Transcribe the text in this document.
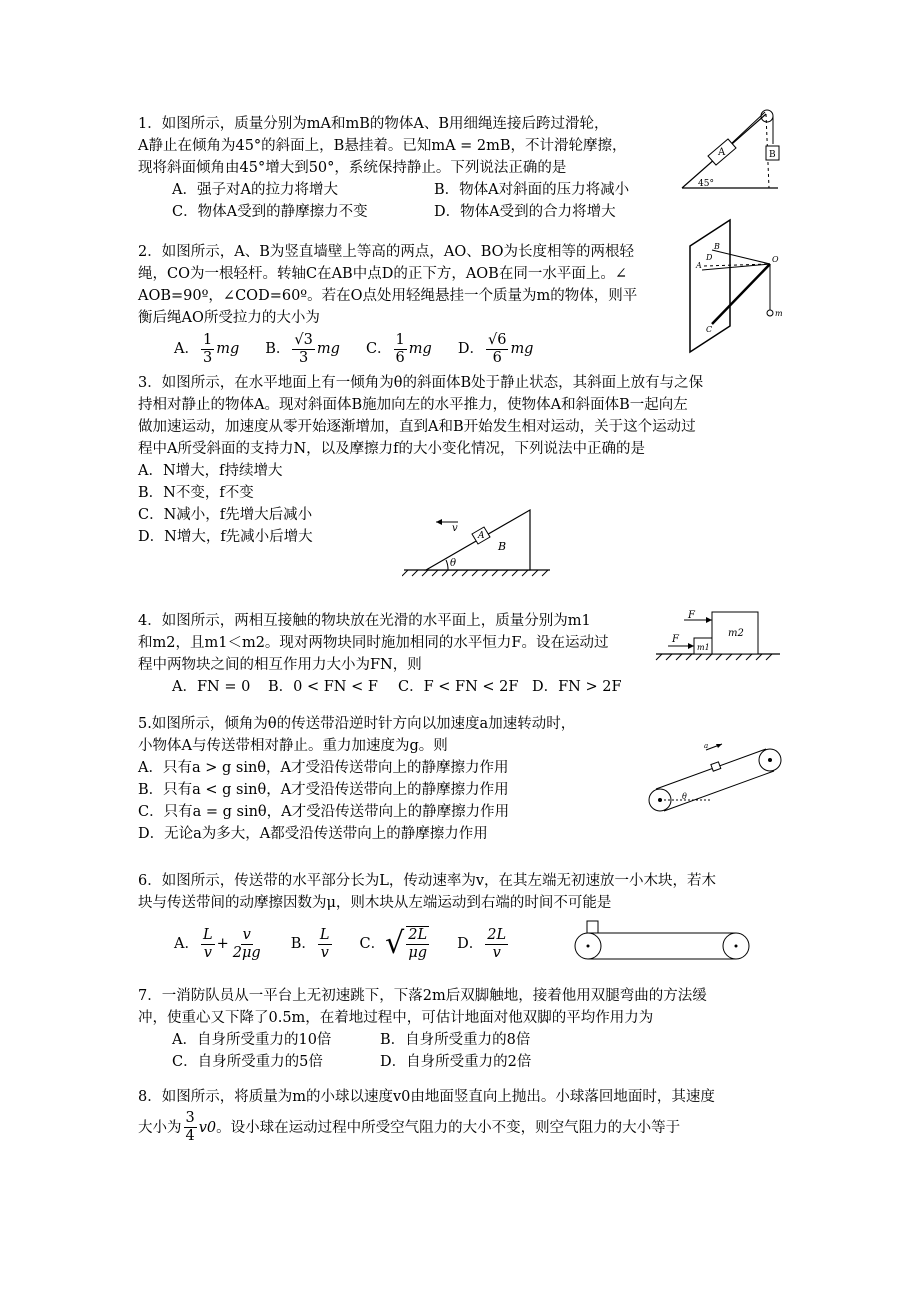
1．如图所示，质量分别为mA和mB的物体A、B用细绳连接后跨过滑轮，

A静止在倾角为45°的斜面上，B悬挂着。已知mA = 2mB，不计滑轮摩擦，

现将斜面倾角由45°增大到50°，系统保持静止。下列说法正确的是

A．强子对A的拉力将增大	B．物体A对斜面的压力将减小
C．物体A受到的静摩擦力不变	D．物体A受到的合力将增大
A	B
45°

2．如图所示，A、B为竖直墙壁上等高的两点，AO、BO为长度相等的两根轻

绳，CO为一根轻杆。转轴C在AB中点D的正下方，AOB在同一水平面上。∠

AOB=90º，∠COD=60º。若在O点处用轻绳悬挂一个质量为m的物体，则平

衡后绳AO所受拉力的大小为

A． $\frac{1}{3}$ mg B． $\frac{√3}{3}$ mg C． $\frac{1}{6}$ mg D． $\frac{√6}{6}$ mg
A
B
D	O
C
m

3．如图所示，在水平地面上有一倾角为θ的斜面体B处于静止状态，其斜面上放有与之保

持相对静止的物体A。现对斜面体B施加向左的水平推力，使物体A和斜面体B一起向左

做加速运动，加速度从零开始逐渐增加，直到A和B开始发生相对运动，关于这个运动过

程中A所受斜面的支持力N，以及摩擦力f的大小变化情况，下列说法中正确的是

A．N增大，f持续增大

B．N不变，f不变

C．N减小，f先增大后减小

D．N增大，f先减小后增大

v
A
B
θ

4．如图所示，两相互接触的物块放在光滑的水平面上，质量分别为m1

和m2，且m1＜m2。现对两物块同时施加相同的水平恒力F。设在运动过

程中两物块之间的相互作用力大小为FN，则

A．FN = 0	B．0 < FN < F	C．F < FN < 2F D．FN > 2F
F
F
m1
m2

5.如图所示，倾角为θ的传送带沿逆时针方向以加速度a加速转动时，

小物体A与传送带相对静止。重力加速度为g。则

A．只有a > g sinθ，A才受沿传送带向上的静摩擦力作用

B．只有a < g sinθ，A才受沿传送带向上的静摩擦力作用

C．只有a = g sinθ，A才受沿传送带向上的静摩擦力作用

D．无论a为多大，A都受沿传送带向上的静摩擦力作用

a
θ

6．如图所示，传送带的水平部分长为L，传动速率为v，在其左端无初速放一小木块，若木

块与传送带间的动摩擦因数为μ，则木块从左端运动到右端的时间不可能是

A． $\frac{L}{v} + \frac{v}{2\mu g}$ B． $\frac{L}{v}$ C． √ $\frac{2L}{\mu g}$ D． $\frac{2L}{v}$

7．一消防队员从一平台上无初速跳下，下落2m后双脚触地，接着他用双腿弯曲的方法缓

冲，使重心又下降了0.5m，在着地过程中，可估计地面对他双脚的平均作用力为

A．自身所受重力的10倍	B．自身所受重力的8倍
C．自身所受重力的5倍	D．自身所受重力的2倍

8．如图所示，将质量为m的小球以速度v0由地面竖直向上抛出。小球落回地面时，其速度

大小为 $\frac{3}{4} v0$ 。设小球在运动过程中所受空气阻力的大小不变，则空气阻力的大小等于
